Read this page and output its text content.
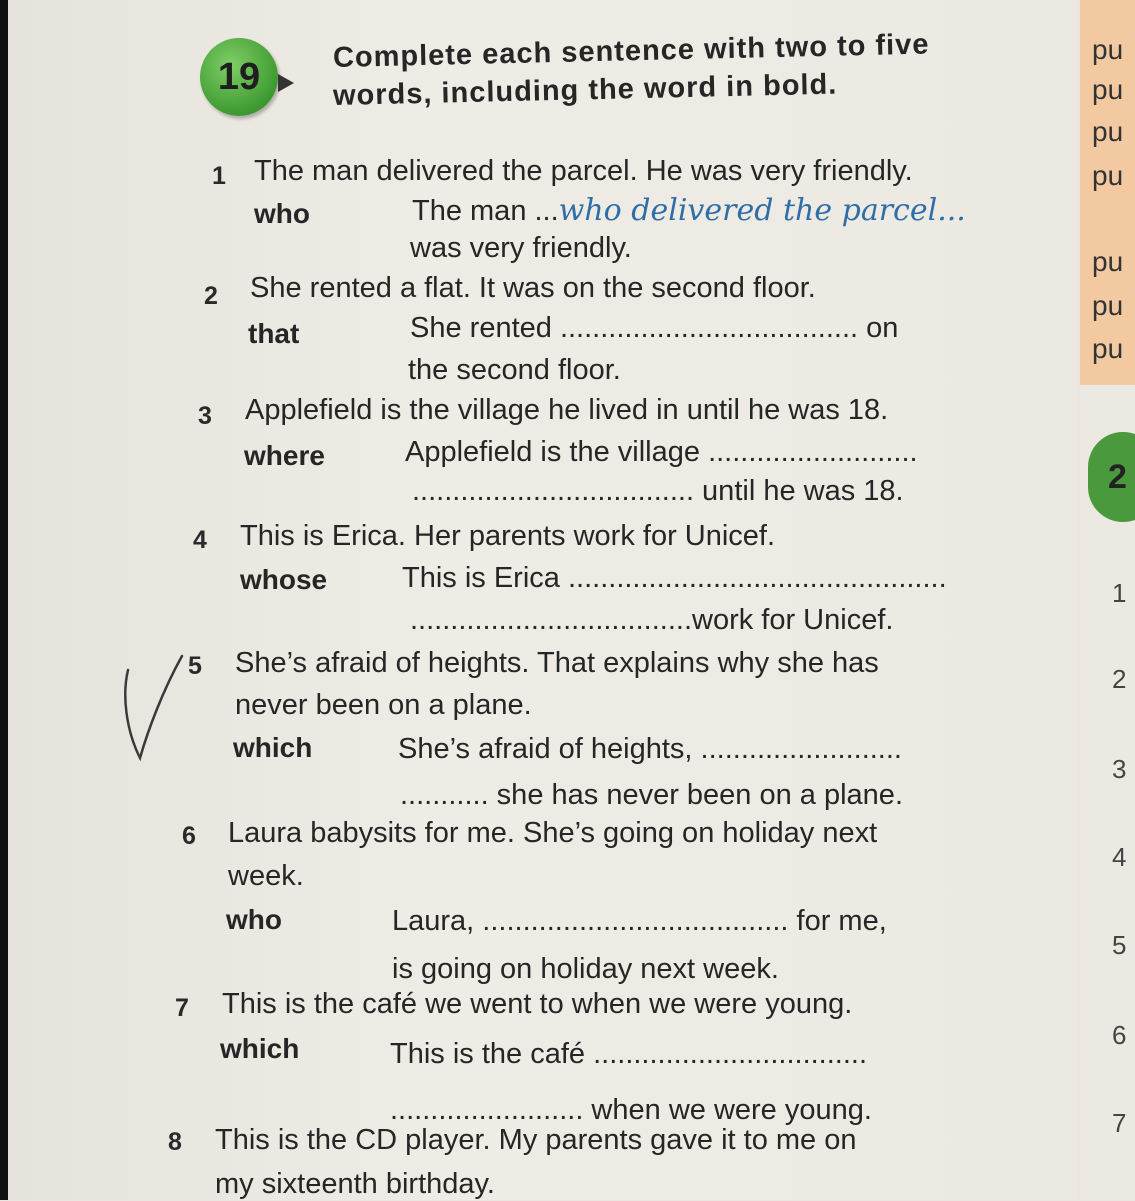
pu
pu
pu
pu
pu
pu
pu
2
1
2
3
4
5
6
7
19
Complete each sentence with two to five
words, including the word in bold.
1 The man delivered the parcel. He was very friendly.
who	The man ...who delivered the parcel...
was very friendly.
2 She rented a flat. It was on the second floor.
that	She rented ..................................... on
the second floor.
3 Applefield is the village he lived in until he was 18.
where	Applefield is the village ..........................
................................... until he was 18.
4 This is Erica. Her parents work for Unicef.
whose	This is Erica ...............................................
...................................work for Unicef.
5 She’s afraid of heights. That explains why she has
never been on a plane.
which	She’s afraid of heights, .........................
........... she has never been on a plane.
6 Laura babysits for me. She’s going on holiday next
week.
who	Laura, ...................................... for me,
is going on holiday next week.
7 This is the café we went to when we were young.
which	This is the café ..................................
........................ when we were young.
8 This is the CD player. My parents gave it to me on
my sixteenth birthday.
